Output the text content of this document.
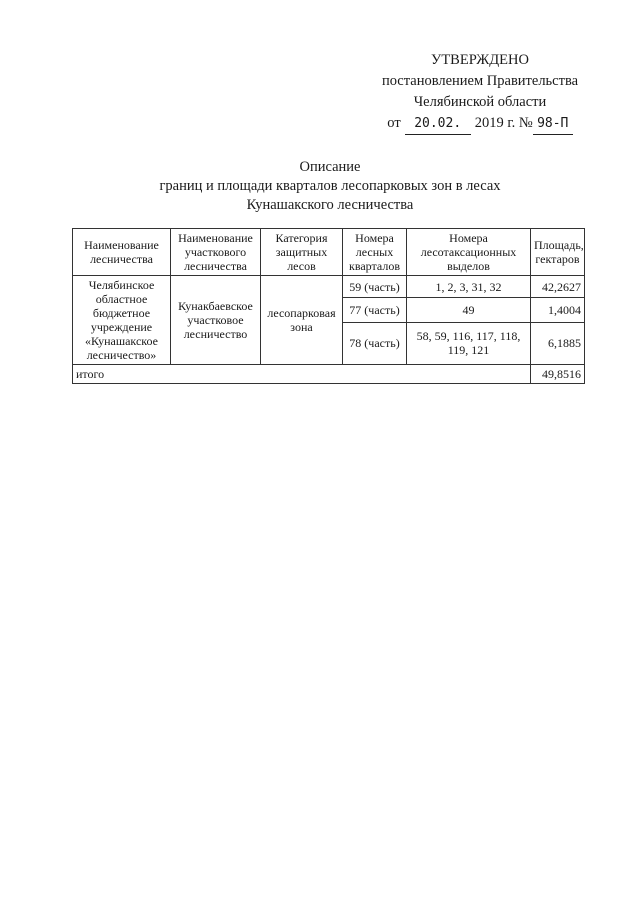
УТВЕРЖДЕНО
постановлением Правительства
Челябинской области
от 20.02. 2019 г. № 98-П
Описание
границ и площади кварталов лесопарковых зон в лесах
Кунашакского лесничества
Наименование лесничества	Наименование участкового лесничества	Категория защитных лесов	Номера лесных кварталов	Номера лесотаксационных выделов	Площадь, гектаров
Челябинское областное бюджетное учреждение «Кунашакское лесничество»	Кунакбаевское участковое лесничество	лесопарковая зона	59 (часть)	1, 2, 3, 31, 32	42,2627
			77 (часть)	49	1,4004
			78 (часть)	58, 59, 116, 117, 118, 119, 121	6,1885
итого					49,8516
